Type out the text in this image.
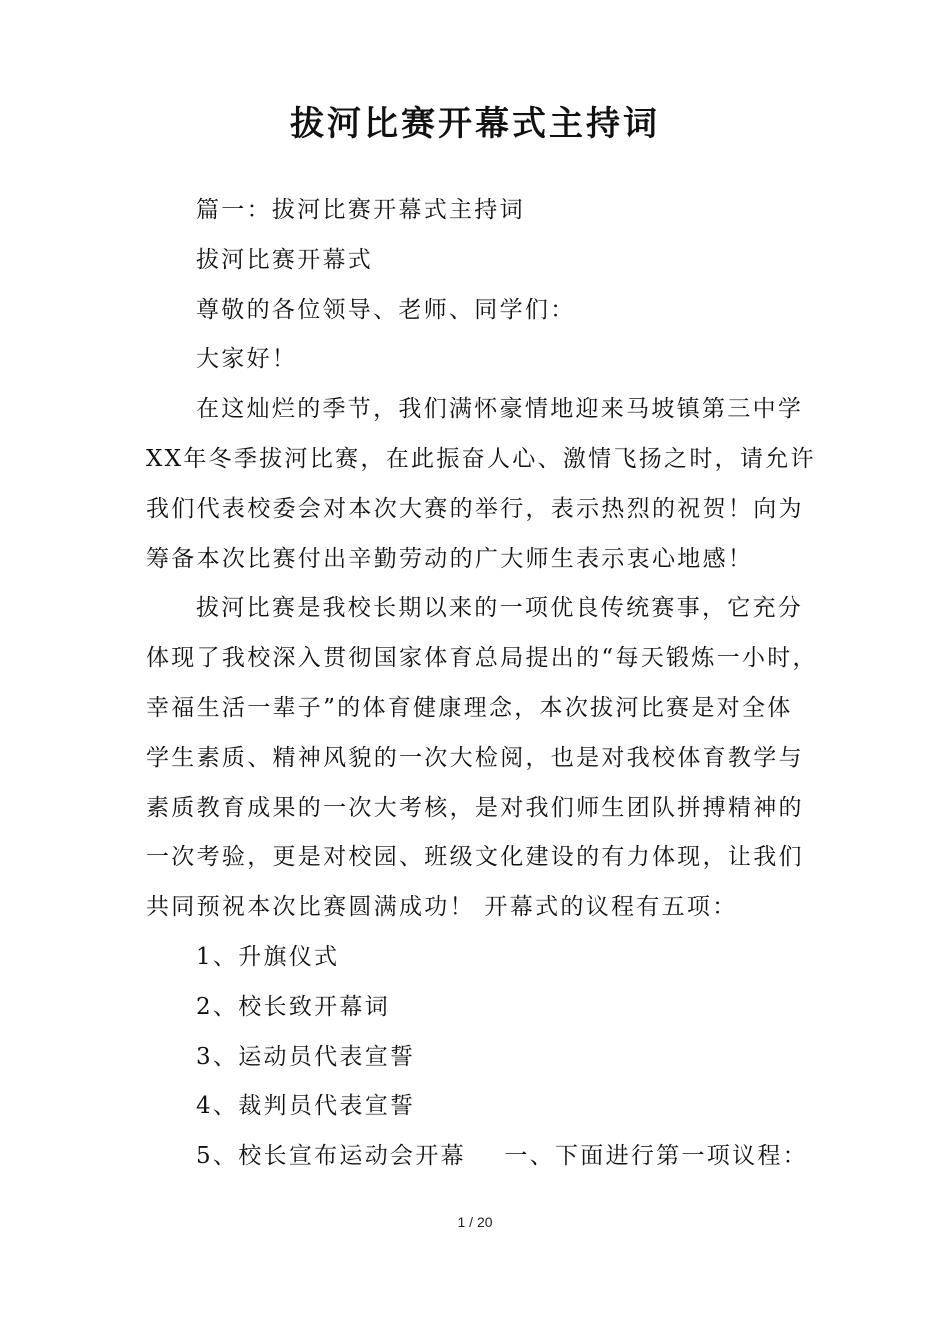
拔河比赛开幕式主持词

篇一：拔河比赛开幕式主持词

拔河比赛开幕式

尊敬的各位领导、老师、同学们：

大家好！

在这灿烂的季节，我们满怀豪情地迎来马坡镇第三中学

XX年冬季拔河比赛，在此振奋人心、激情飞扬之时，请允许

我们代表校委会对本次大赛的举行，表示热烈的祝贺！向为

筹备本次比赛付出辛勤劳动的广大师生表示衷心地感！

拔河比赛是我校长期以来的一项优良传统赛事，它充分

体现了我校深入贯彻国家体育总局提出的“每天锻炼一小时，

幸福生活一辈子”的体育健康理念，本次拔河比赛是对全体

学生素质、精神风貌的一次大检阅，也是对我校体育教学与

素质教育成果的一次大考核，是对我们师生团队拼搏精神的

一次考验，更是对校园、班级文化建设的有力体现，让我们

共同预祝本次比赛圆满成功！ 开幕式的议程有五项：

1、升旗仪式

2、校长致开幕词

3、运动员代表宣誓

4、裁判员代表宣誓

5、校长宣布运动会开幕    一、下面进行第一项议程：

1 / 20
